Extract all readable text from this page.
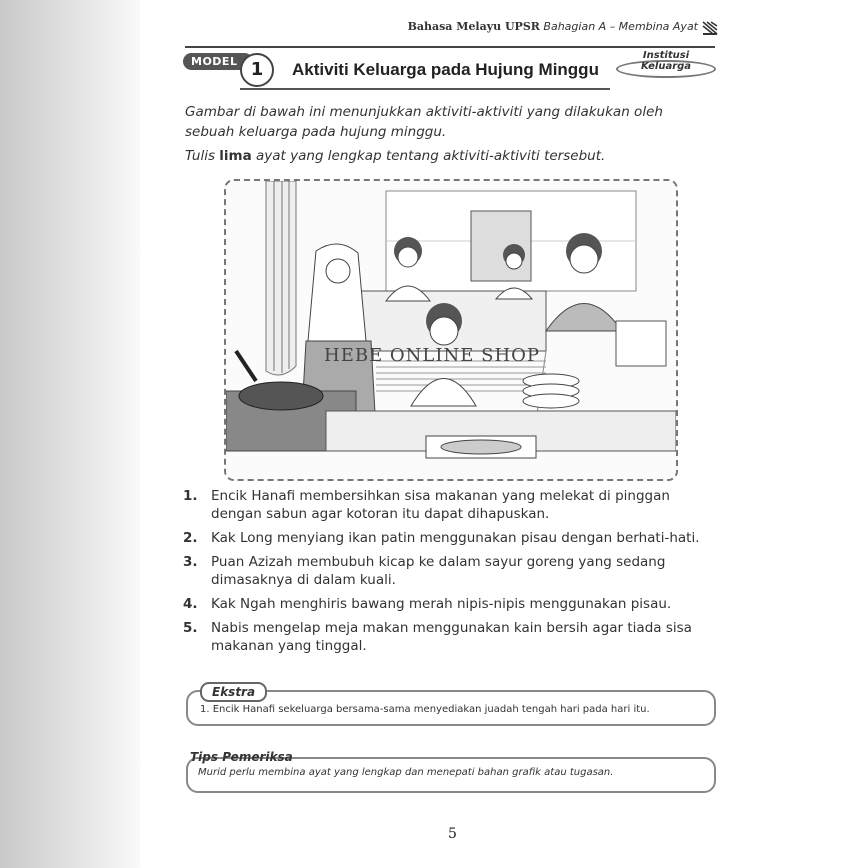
Bahasa Melayu UPSR Bahagian A – Membina Ayat
MODEL 1	Aktiviti Keluarga pada Hujung Minggu
Institusi
Keluarga
Gambar di bawah ini menunjukkan aktiviti-aktiviti yang dilakukan oleh sebuah keluarga pada hujung minggu.
Tulis lima ayat yang lengkap tentang aktiviti-aktiviti tersebut.
HEBE ONLINE SHOP
1. Encik Hanafi membersihkan sisa makanan yang melekat di pinggan dengan sabun agar kotoran itu dapat dihapuskan.
2. Kak Long menyiang ikan patin menggunakan pisau dengan berhati-hati.
3. Puan Azizah membubuh kicap ke dalam sayur goreng yang sedang dimasaknya di dalam kuali.
4. Kak Ngah menghiris bawang merah nipis-nipis menggunakan pisau.
5. Nabis mengelap meja makan menggunakan kain bersih agar tiada sisa makanan yang tinggal.
Ekstra
1. Encik Hanafi sekeluarga bersama-sama menyediakan juadah tengah hari pada hari itu.
Tips Pemeriksa
Murid perlu membina ayat yang lengkap dan menepati bahan grafik atau tugasan.
5
